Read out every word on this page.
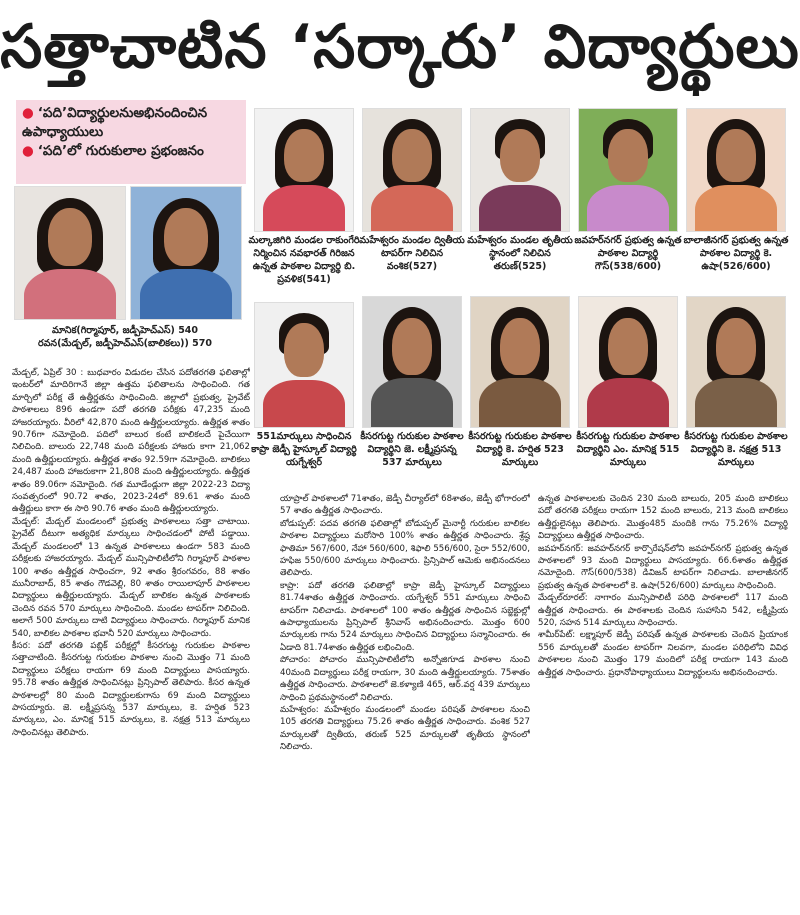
సత్తాచాటిన ‘సర్కారు’ విద్యార్థులు
● ‘పది’విద్యార్థులనుఅభినందించిన ఉపాధ్యాయులు
● ‘పది’లో గురుకులాల ప్రభంజనం
మానిక(గిర్మాపూర్, జడ్పీహెచ్ఎస్) 540
రవన(మేడ్చల్, జడ్పీహెచ్ఎస్(బాలికలు)) 570
మల్కాజిగిరి మండల రాకుంగేరి నిర్మించిన నవభారత్ గిరిజన ఉన్నత పాఠశాల విద్యార్థి బి. ప్రవళిక(541)
మహేశ్వరం మండల ద్వితీయ టాపర్‌గా నిలిచిన వంశిక(527)
మహేశ్వరం మండల తృతీయ స్థానంలో నిలిచిన తరుణ్(525)
జవహర్‌నగర్ ప్రభుత్వ ఉన్నత పాఠశాల విద్యార్థి గౌస్(538/600)
బాలాజీనగర్ ప్రభుత్వ ఉన్నత పాఠశాల విద్యార్థి కె. ఉషా(526/600)
551మార్కులు సాధించిన కాప్రా జెడ్పీ హైస్కూల్ విద్యార్థి యగ్నేశ్వర్
కీసరగుట్ట గురుకుల పాఠశాల విద్యార్థిని జె. లక్ష్మీప్రసన్న 537 మార్కులు
కీసరగుట్ట గురుకుల పాఠశాల విద్యార్థి కె. హర్షిత 523 మార్కులు
కీసరగుట్ట గురుకుల పాఠశాల విద్యార్థిని ఎం. మానిక్ష 515 మార్కులు
కీసరగుట్ట గురుకుల పాఠశాల విద్యార్థిని కె. నక్షత్ర 513 మార్కులు

మేడ్చల్, ఏప్రిల్ 30 : బుధవారం విడుదల చేసిన పదోతరగతి ఫలితాల్లో ఇంటర్‌లో మాదిరిగానే జిల్లా ఉత్తమ ఫలితాలను సాధించింది. గత మార్చిలో పరీక్ష తే ఉత్తీర్ణతను సాధించింది. జిల్లాలో ప్రభుత్వ, ప్రైవేట్ పాఠశాలలు 896 ఉండగా పదో తరగతి పరీక్షకు 47,235 మంది హాజరయ్యారు. వీరిలో 42,870 మంది ఉత్తీర్ణులయ్యారు. ఉత్తీర్ణత శాతం 90.76గా నమోదైంది. పదిలో బాలుర కంటే బాలికలదే పైచేయిగా నిలిచింది. బాలురు 22,748 మంది పరీక్షలకు హాజరు కాగా 21,062 మంది ఉత్తీర్ణులయ్యారు. ఉత్తీర్ణత శాతం 92.59గా నమోదైంది. బాలికలు 24,487 మంది హాజరుకాగా 21,808 మంది ఉత్తీర్ణులయ్యారు. ఉత్తీర్ణత శాతం 89.06గా నమోదైంది. గత మూడేండ్లుగా జిల్లా 2022-23 విద్యా సంవత్సరంలో 90.72 శాతం, 2023-24లో 89.61 శాతం మంది ఉత్తీర్ణులు కాగా ఈ సారి 90.76 శాతం మంది ఉత్తీర్ణులయ్యారు.

మేడ్చల్: మేడ్చల్ మండలంలో ప్రభుత్వ పాఠశాలలు సత్తా చాటాయి. ప్రైవేట్ దీటుగా అత్యధిక మార్కులు సాధించడంలో పోటీ పడ్డాయి. మేడ్చల్ మండలంలో 13 ఉన్నత పాఠశాలలు ఉండగా 583 మంది పరీక్షలకు హాజరయ్యారు. మేడ్చల్ మున్సిపాలిటీలోని గిర్మాపూర్ పాఠశాల 100 శాతం ఉత్తీర్ణత సాధించగా, 92 శాతం శ్రీరంగవరం, 88 శాతం మునీరాబాద్, 85 శాతం గౌడవెల్లి, 80 శాతం రాయిలాపూర్ పాఠశాలల విద్యార్థులు ఉత్తీర్ణులయ్యారు. మేడ్చల్ బాలికల ఉన్నత పాఠశాలకు చెందిన రవన 570 మార్కులు సాధించింది. మండల టాపర్‌గా నిలిచింది. అలాగే 500 మార్కులు దాటి విద్యార్థులు సాధించారు. గిర్మాపూర్ మానిక 540, బాలికల పాఠశాల భవానీ 520 మార్కులు సాధించారు.

కీసర: పదో తరగతి పబ్లిక్ పరీక్షల్లో కీసరగుట్ట గురుకుల పాఠశాల సత్తాచాటింది. కీసరగుట్ట గురుకుల పాఠశాల నుంచి మొత్తం 71 మంది విద్యార్థులు పరీక్షలు రాయగా 69 మంది విద్యార్థులు పాసయ్యారు. 95.78 శాతం ఉత్తీర్ణత సాధించినట్లు ప్రిన్సిపాల్ తెలిపారు. కీసర ఉన్నత పాఠశాలల్లో 80 మంది విద్యార్థులకుగాను 69 మంది విద్యార్థులు పాసయ్యారు. జె. లక్ష్మీప్రసన్న 537 మార్కులు, కె. హర్షిత 523 మార్కులు, ఎం. మానిక్ష 515 మార్కులు, కె. నక్షత్ర 513 మార్కులు సాధించినట్లు తెలిపారు.

యాప్రాల్ పాఠశాలలో 71శాతం, జెడ్పీ చీర్యాల్‌లో 68శాతం, జెడ్పీ భోగారంలో 57 శాతం ఉత్తీర్ణత సాధించారు.

బోడుప్పల్: పదవ తరగతి ఫలితాల్లో బోడుప్పల్ మైనార్టీ గురుకుల బాలికల పాఠశాల విద్యార్థులు మరోసారి 100% శాతం ఉత్తీర్ణత సాధించారు. శ్రేష్ఠ ఫాతిమా 567/600, నేహా 560/600, శిఫాలి 556/600, సైరా 552/600, హఫిజ 550/600 మార్కులు సాధించారు. ప్రిన్సిపాల్ ఆమెకు అభినందనలు తెలిపారు.

కాప్రా: పదో తరగతి ఫలితాల్లో కాప్రా జెడ్పీ హైస్కూల్ విద్యార్థులు 81.74శాతం ఉత్తీర్ణత సాధించారు. యగ్నేశ్వర్ 551 మార్కులు సాధించి టాపర్‌గా నిలిచాడు. పాఠశాలలో 100 శాతం ఉత్తీర్ణత సాధించిన సబ్జెక్టుల్లో ఉపాధ్యాయులను ప్రిన్సిపాల్ శ్రీనివాస్ అభినందించారు. మొత్తం 600 మార్కులకు గాను 524 మార్కులు సాధించిన విద్యార్థులు సన్మానించారు. ఈ ఏడాది 81.74శాతం ఉత్తీర్ణత లభించింది.

పోచారం: పోచారం మున్సిపాలిటీలోని అన్నోజిగూడ పాఠశాల నుంచి 40మంది విద్యార్థులు పరీక్ష రాయగా, 30 మంది ఉత్తీర్ణులయ్యారు. 75శాతం ఉత్తీర్ణత సాధించారు. పాఠశాలలో జె.కళ్యాణి 465, ఆర్.వర్ష 439 మార్కులు సాధించి ప్రథమస్థానంలో నిలిచారు.

మహేశ్వరం: మహేశ్వరం మండలంలో మండల పరిషత్ పాఠశాలల నుంచి 105 తరగతి విద్యార్థులు 75.26 శాతం ఉత్తీర్ణత సాధించారు. వంశిక 527 మార్కులతో ద్వితీయ, తరుణ్ 525 మార్కులతో తృతీయ స్థానంలో నిలిచారు.

ఉన్నత పాఠశాలలకు చెందిన 230 మంది బాలురు, 205 మంది బాలికలు పదో తరగతి పరీక్షలు రాయగా 152 మంది బాలురు, 213 మంది బాలికలు ఉత్తీర్ణులైనట్లు తెలిపారు. మొత్తం485 మందికి గాను 75.26% విద్యార్థి విద్యార్థులు ఉత్తీర్ణత సాధించారు.

జవహర్‌నగర్: జవహర్‌నగర్ కార్పొరేషన్‌లోని జవహర్‌నగర్ ప్రభుత్వ ఉన్నత పాఠశాలలో 93 మంది విద్యార్థులు పాసయ్యారు. 66.6శాతం ఉత్తీర్ణత నమోదైంది. గౌస్(600/538) డివిజన్ టాపర్‌గా నిలిచాడు. బాలాజీనగర్ ప్రభుత్వ ఉన్నత పాఠశాలలో కె. ఉషా(526/600) మార్కులు సాధించింది.

మేడ్చల్‌రూరల్: నాగారం మున్సిపాలిటీ పరిధి పాఠశాలలో 117 మంది ఉత్తీర్ణత సాధించారు. ఈ పాఠశాలకు చెందిన సుహాసిని 542, లక్ష్మీప్రియ 520, సహన 514 మార్కులు సాధించారు.

శామీర్‌పేట్: లక్ష్మాపూర్ జెడ్పీ పరిషత్ ఉన్నత పాఠశాలకు చెందిన ప్రియాంక 556 మార్కులతో మండల టాపర్‌గా నిలవగా, మండల పరిధిలోని వివిధ పాఠశాలల నుంచి మొత్తం 179 మందిలో పరీక్ష రాయగా 143 మంది ఉత్తీర్ణత సాధించారు. ప్రధానోపాధ్యాయులు విద్యార్థులను అభినందించారు.
